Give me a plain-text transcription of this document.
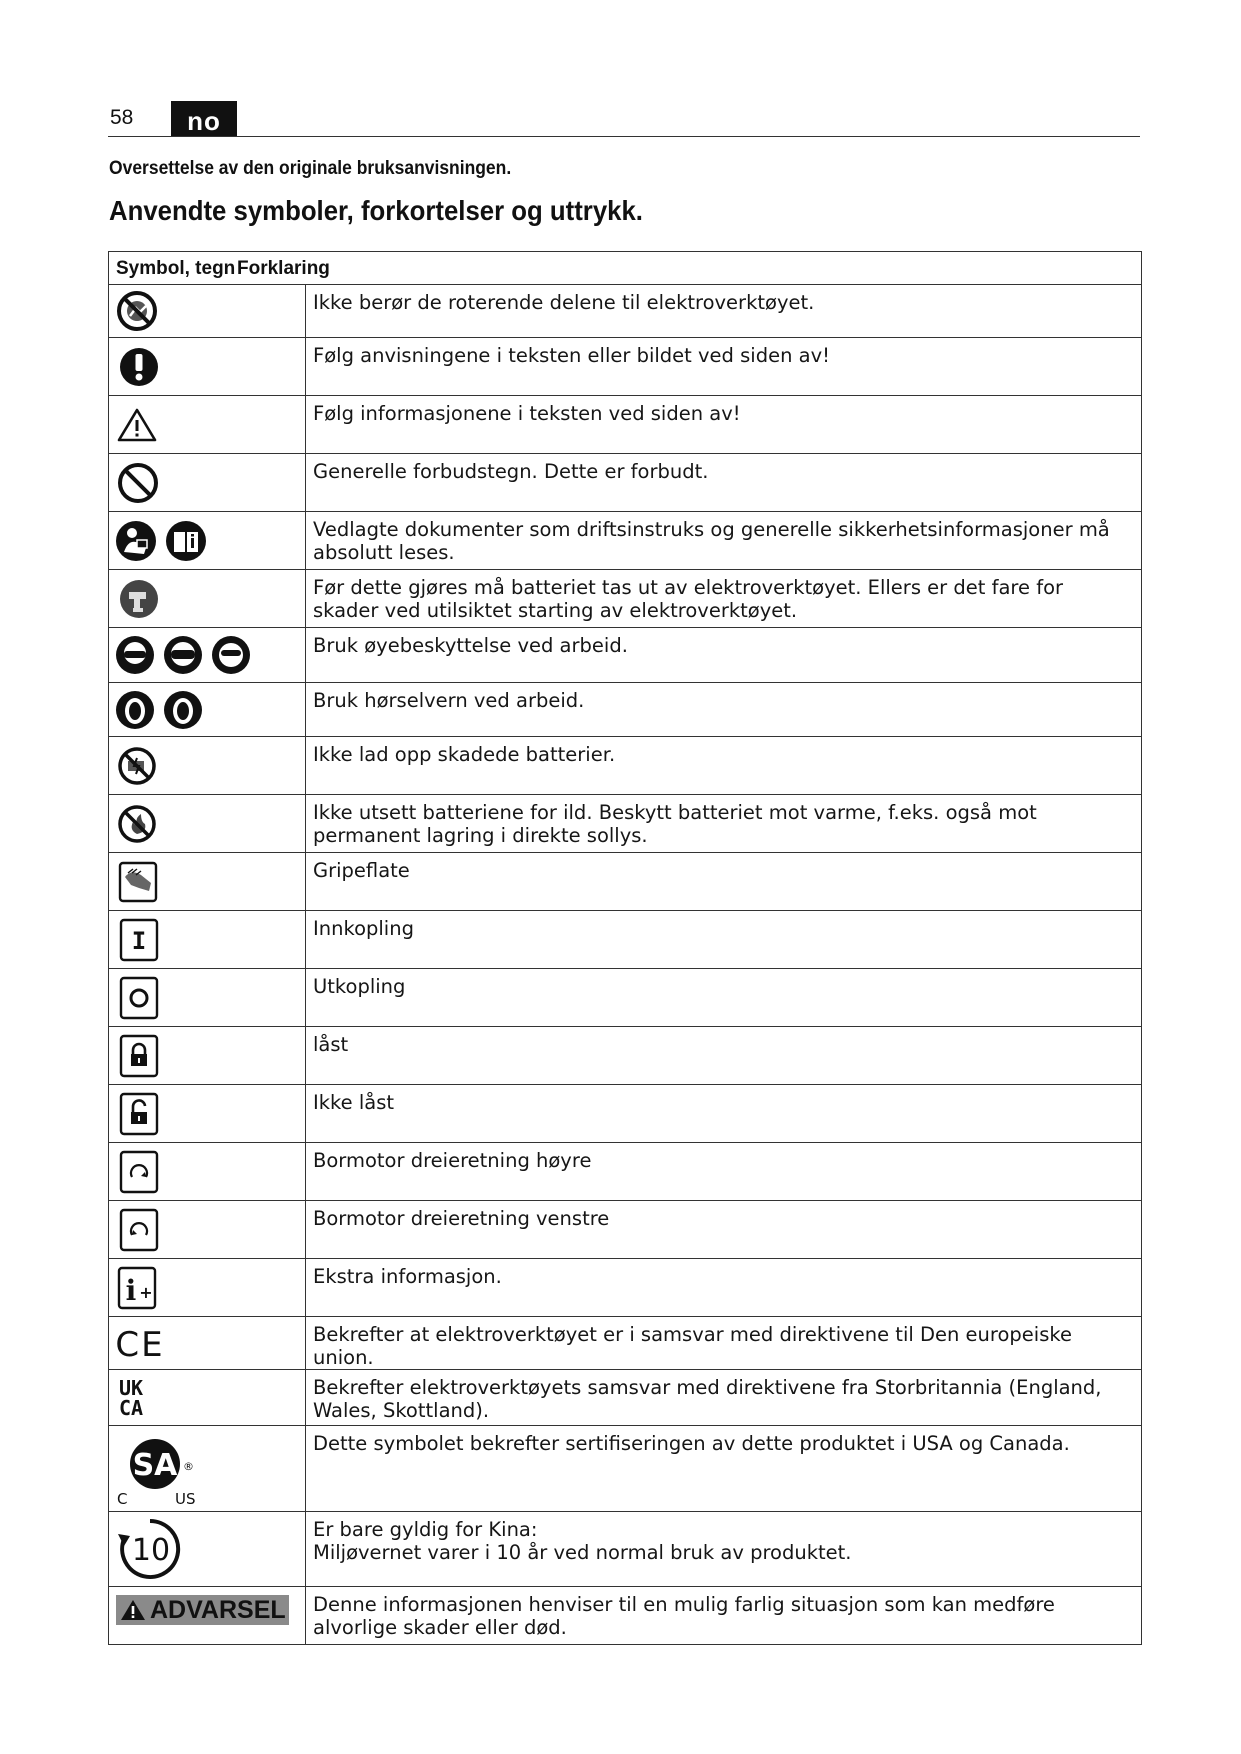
58	no
Oversettelse av den originale bruksanvisningen.
Anvendte symboler, forkortelser og uttrykk.
Symbol, tegn Forklaring	

Ikke berør de roterende delene til elektroverktøyet.

Følg anvisningene i teksten eller bildet ved siden av!

Følg informasjonene i teksten ved siden av!

Generelle forbudstegn. Dette er forbudt.

Vedlagte dokumenter som driftsinstruks og generelle sikkerhetsinformasjoner må absolutt leses.

Før dette gjøres må batteriet tas ut av elektroverktøyet. Ellers er det fare for skader ved utilsiktet starting av elektroverktøyet.

Bruk øyebeskyttelse ved arbeid.

Bruk hørselvern ved arbeid.

Ikke lad opp skadede batterier.

Ikke utsett batteriene for ild. Beskytt batteriet mot varme, f.eks. også mot permanent lagring i direkte sollys.

Gripeflate

I	Innkopling

Utkopling

låst

Ikke låst

Bormotor dreieretning høyre

Bormotor dreieretning venstre

i +	Ekstra informasjon.

CE	Bekrefter at elektroverktøyet er i samsvar med direktivene til Den europeiske union.

UK
CA	Bekrefter elektroverktøyets samsvar med direktivene fra Storbritannia (England, Wales, Skottland).

SA ®
C US	Dette symbolet bekrefter sertifiseringen av dette produktet i USA og Canada.

10	Er bare gyldig for Kina:
Miljøvernet varer i 10 år ved normal bruk av produktet.

ADVARSEL	Denne informasjonen henviser til en mulig farlig situasjon som kan medføre alvorlige skader eller død.
